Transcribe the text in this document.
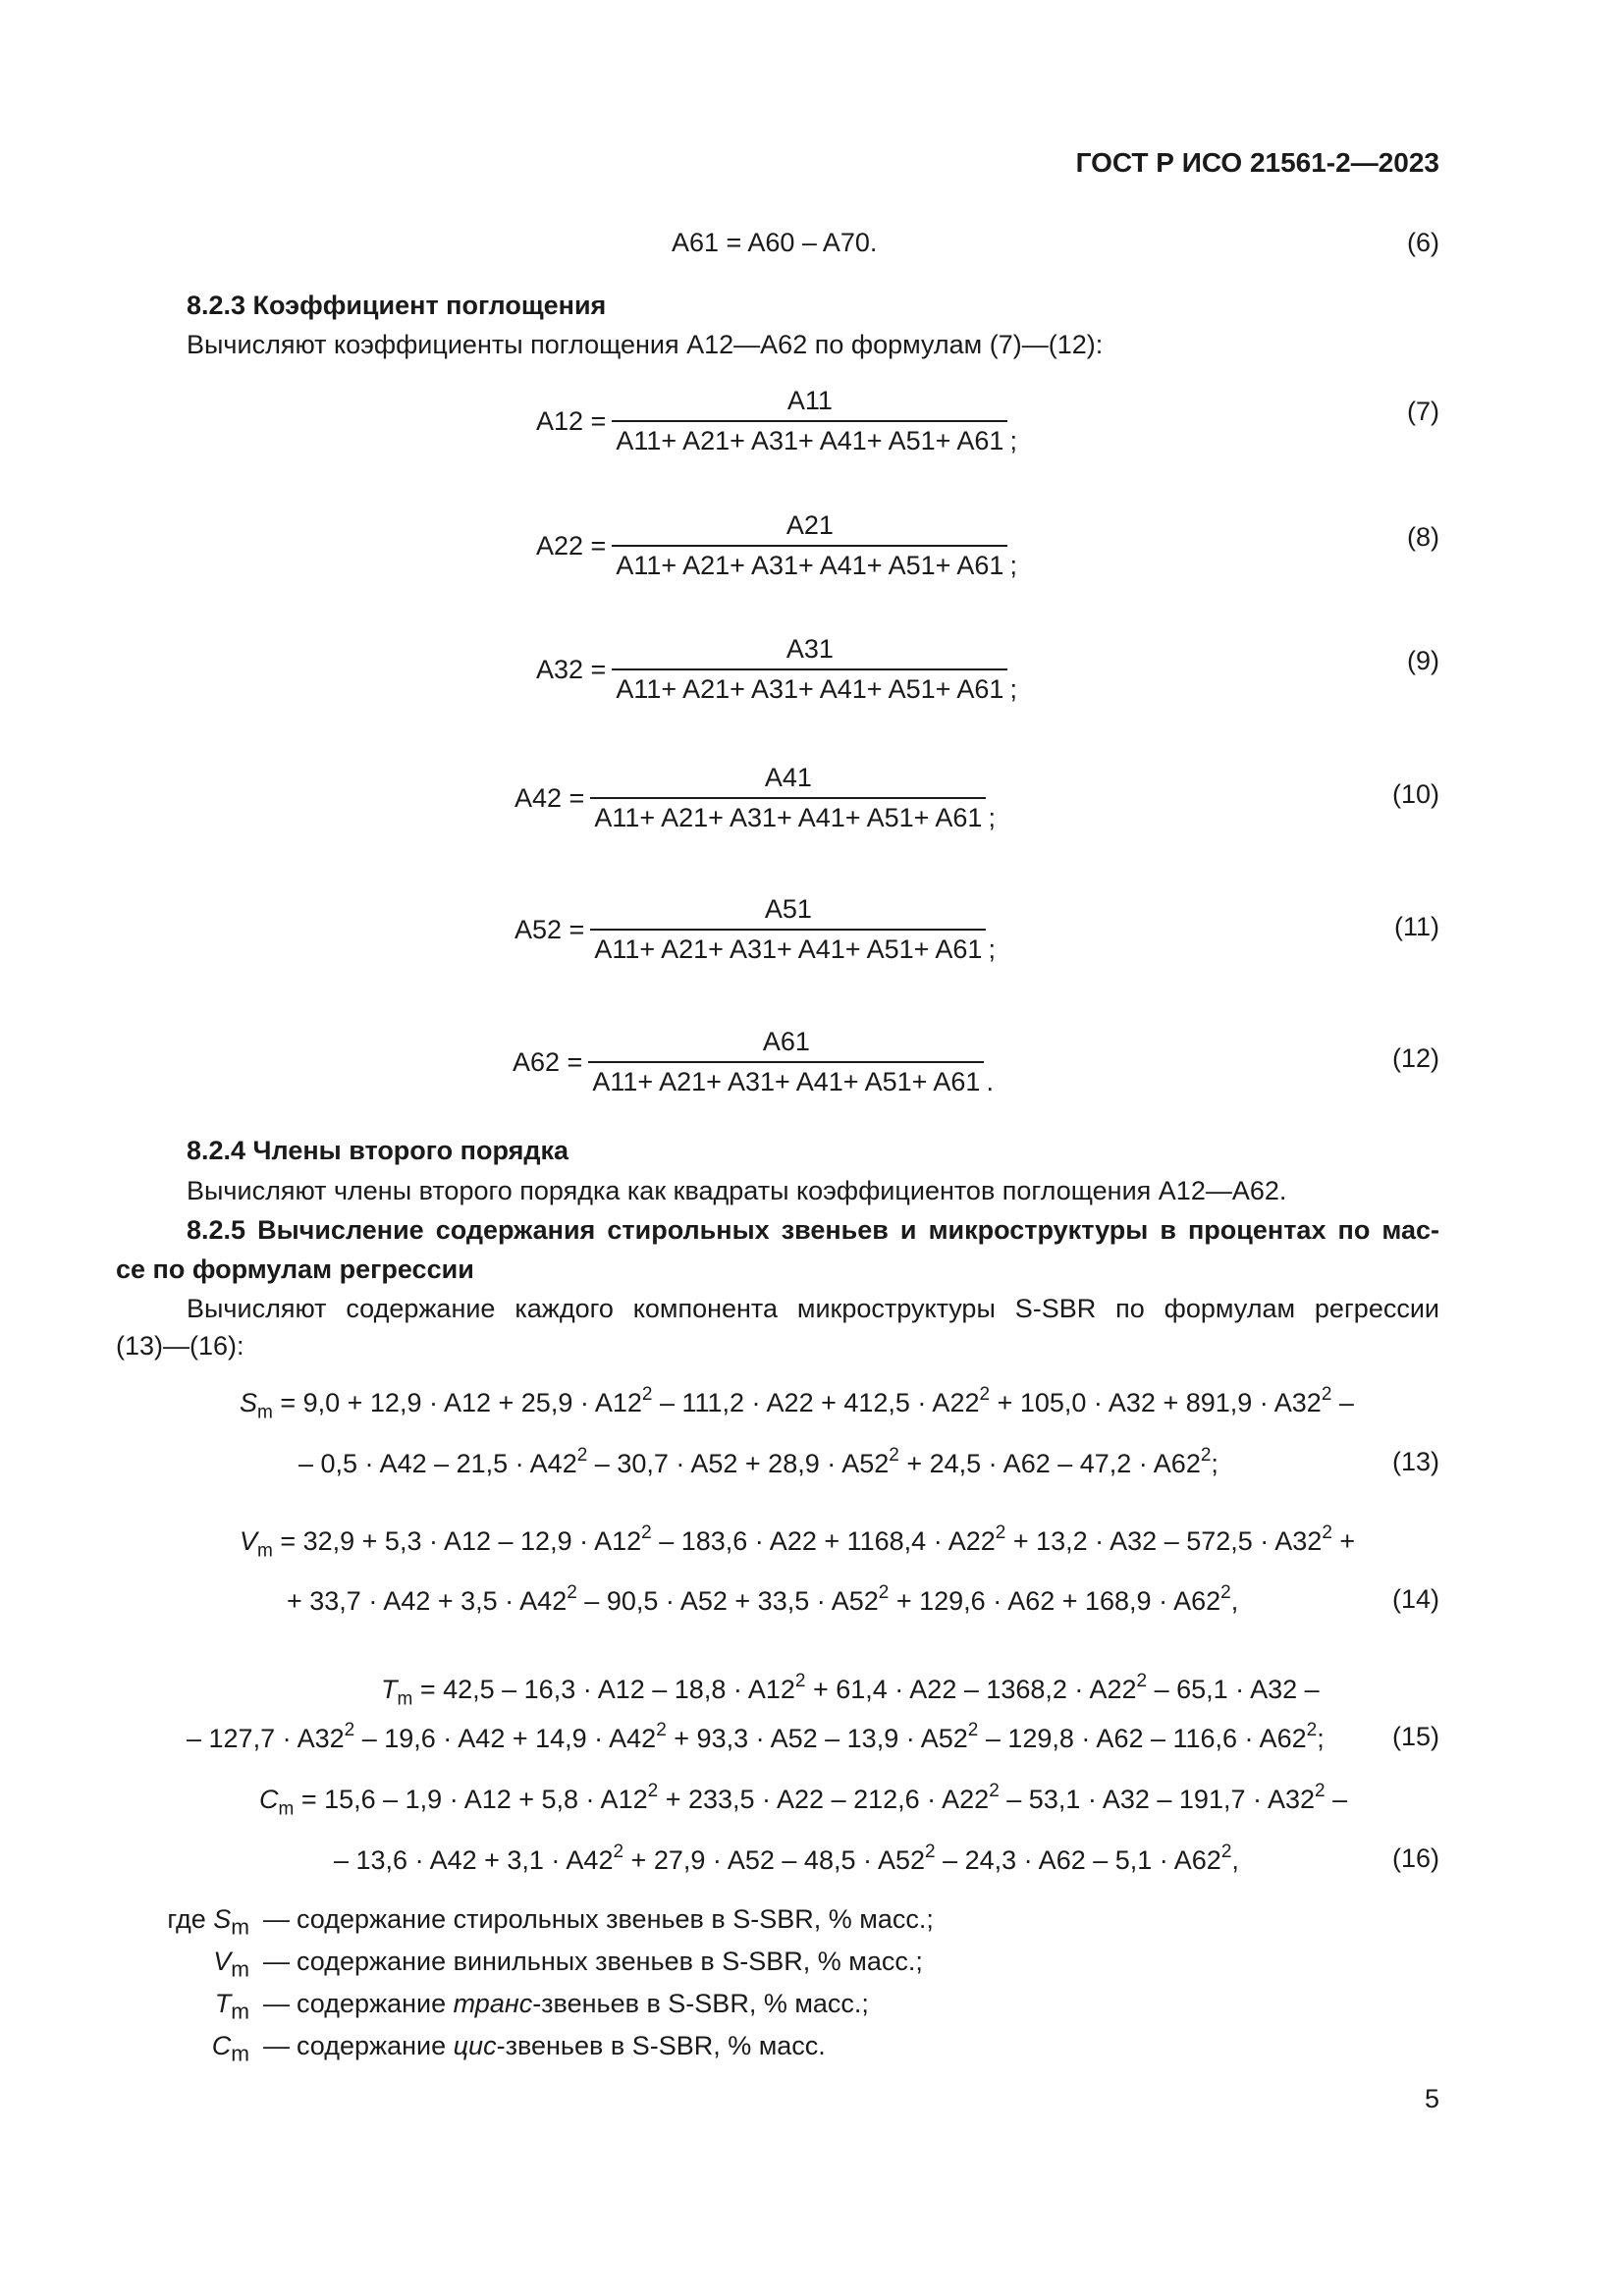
ГОСТ Р ИСО 21561-2—2023
A61 = A60 – A70.	(6)
8.2.3 Коэффициент поглощения
Вычисляют коэффициенты поглощения A12—A62 по формулам (7)—(12):
$A12 = \frac{A11}{A11+ A21+ A31+ A41+ A51+ A61}$ ;
(7)
$A22 = \frac{A21}{A11+ A21+ A31+ A41+ A51+ A61}$ ;
(8)
$A32 = \frac{A31}{A11+ A21+ A31+ A41+ A51+ A61}$ ;
(9)
$A42 = \frac{A41}{A11+ A21+ A31+ A41+ A51+ A61}$ ;
(10)
$A52 = \frac{A51}{A11+ A21+ A31+ A41+ A51+ A61}$ ;
(11)
$A62 = \frac{A61}{A11+ A21+ A31+ A41+ A51+ A61}$ .
(12)
8.2.4 Члены второго порядка
Вычисляют члены второго порядка как квадраты коэффициентов поглощения A12—A62.
8.2.5 Вычисление содержания стирольных звеньев и микроструктуры в процентах по мас-
се по формулам регрессии
Вычисляют содержание каждого компонента микроструктуры S-SBR по формулам регрессии
(13)—(16):
$S_m = 9,0 + 12,9 \cdot A12 + 25,9 \cdot A12^2 - 111,2 \cdot A22 + 412,5 \cdot A22^2 + 105,0 \cdot A32 + 891,9 \cdot A32^2$ –
– $0,5 \cdot A42 - 21,5 \cdot A42^2 - 30,7 \cdot A52 + 28,9 \cdot A52^2 + 24,5 \cdot A62 - 47,2 \cdot A62^2$;	(13)
$V_m = 32,9 + 5,3 \cdot A12 - 12,9 \cdot A12^2 - 183,6 \cdot A22 + 1168,4 \cdot A22^2 + 13,2 \cdot A32 - 572,5 \cdot A32^2$ +
+ $33,7 \cdot A42 + 3,5 \cdot A42^2 - 90,5 \cdot A52 + 33,5 \cdot A52^2 + 129,6 \cdot A62 + 168,9 \cdot A62^2$,	(14)
$T_m = 42,5 - 16,3 \cdot A12 - 18,8 \cdot A12^2 + 61,4 \cdot A22 - 1368,2 \cdot A22^2 - 65,1 \cdot A32$ –
– $127,7 \cdot A32^2 - 19,6 \cdot A42 + 14,9 \cdot A42^2 + 93,3 \cdot A52 - 13,9 \cdot A52^2 - 129,8 \cdot A62 - 116,6 \cdot A62^2$;	(15)
$C_m = 15,6 - 1,9 \cdot A12 + 5,8 \cdot A12^2 + 233,5 \cdot A22 - 212,6 \cdot A22^2 - 53,1 \cdot A32 - 191,7 \cdot A32^2$ –
– $13,6 \cdot A42 + 3,1 \cdot A42^2 + 27,9 \cdot A52 - 48,5 \cdot A52^2 - 24,3 \cdot A62 - 5,1 \cdot A62^2$,	(16)
где $S_m$ — содержание стирольных звеньев в S-SBR, % масс.;
$V_m$ — содержание винильных звеньев в S-SBR, % масс.;
$T_m$ — содержание транс-звеньев в S-SBR, % масс.;
$C_m$ — содержание цис-звеньев в S-SBR, % масс.
5
